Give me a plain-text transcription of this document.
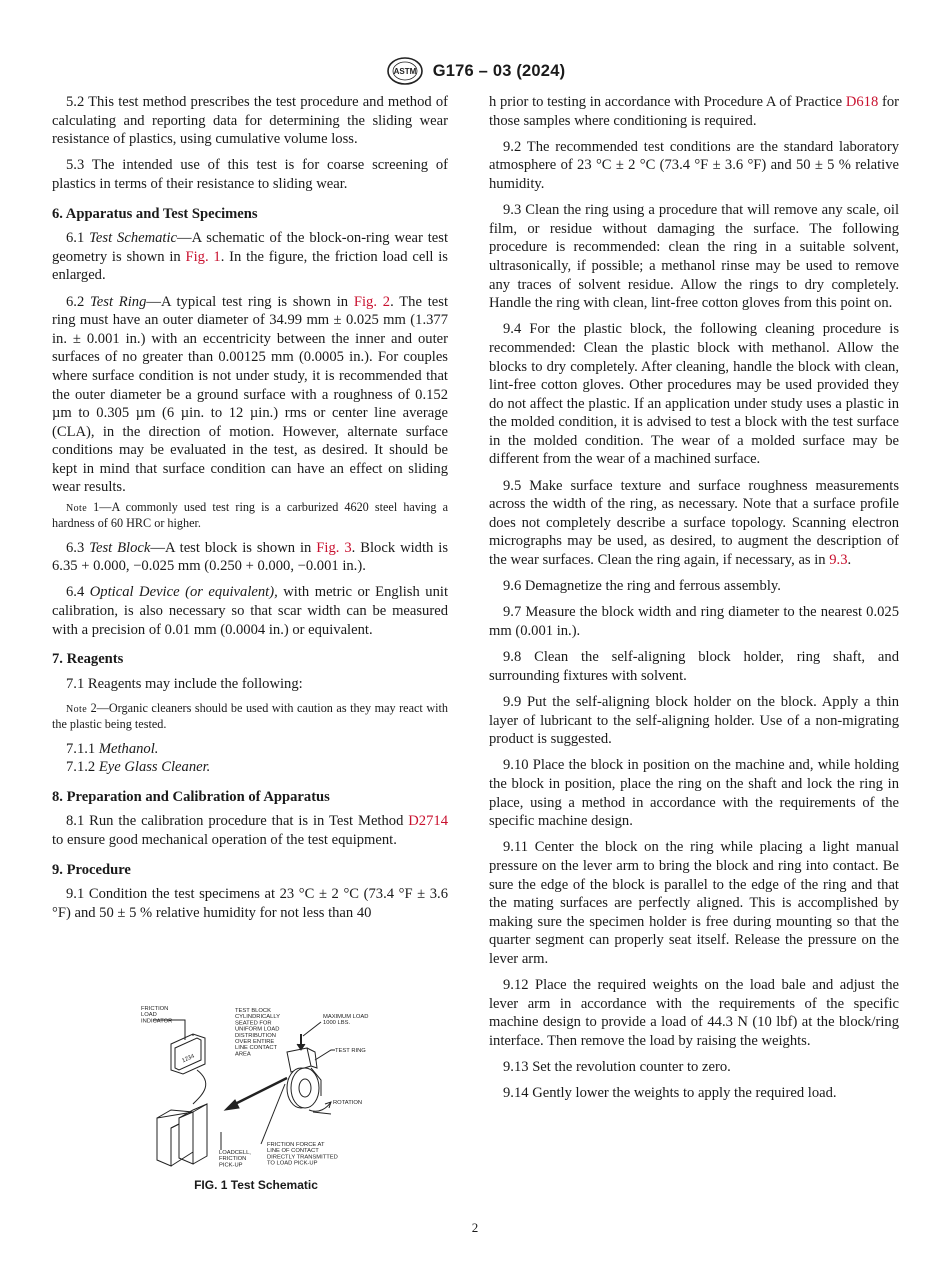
ASTM G176 – 03 (2024)

5.2 This test method prescribes the test procedure and method of calculating and reporting data for determining the sliding wear resistance of plastics, using cumulative volume loss.

5.3 The intended use of this test is for coarse screening of plastics in terms of their resistance to sliding wear.

6. Apparatus and Test Specimens

6.1 Test Schematic—A schematic of the block-on-ring wear test geometry is shown in Fig. 1. In the figure, the friction load cell is enlarged.

6.2 Test Ring—A typical test ring is shown in Fig. 2. The test ring must have an outer diameter of 34.99 mm ± 0.025 mm (1.377 in. ± 0.001 in.) with an eccentricity between the inner and outer surfaces of no greater than 0.00125 mm (0.0005 in.). For couples where surface condition is not under study, it is recommended that the outer diameter be a ground surface with a roughness of 0.152 µm to 0.305 µm (6 µin. to 12 µin.) rms or center line average (CLA), in the direction of motion. However, alternate surface conditions may be evaluated in the test, as desired. It should be kept in mind that surface condition can have an effect on sliding wear results.

Note 1—A commonly used test ring is a carburized 4620 steel having a hardness of 60 HRC or higher.

6.3 Test Block—A test block is shown in Fig. 3. Block width is 6.35 + 0.000, −0.025 mm (0.250 + 0.000, −0.001 in.).

6.4 Optical Device (or equivalent), with metric or English unit calibration, is also necessary so that scar width can be measured with a precision of 0.01 mm (0.0004 in.) or equivalent.

7. Reagents

7.1 Reagents may include the following:

Note 2—Organic cleaners should be used with caution as they may react with the plastic being tested.

7.1.1 Methanol.

7.1.2 Eye Glass Cleaner.

8. Preparation and Calibration of Apparatus

8.1 Run the calibration procedure that is in Test Method D2714 to ensure good mechanical operation of the test equipment.

9. Procedure

9.1 Condition the test specimens at 23 °C ± 2 °C (73.4 °F ± 3.6 °F) and 50 ± 5 % relative humidity for not less than 40

1234
FRICTION
LOAD
INDICATOR
TEST BLOCK
CYLINDRICALLY
SEATED FOR
UNIFORM LOAD
DISTRIBUTION
OVER ENTIRE
LINE CONTACT
AREA
MAXIMUM LOAD
1000 LBS.
TEST RING
ROTATION
FRICTION FORCE AT
LINE OF CONTACT
DIRECTLY TRANSMITTED
TO LOAD PICK-UP
LOADCELL,
FRICTION
PICK-UP
FIG. 1 Test Schematic

h prior to testing in accordance with Procedure A of Practice D618 for those samples where conditioning is required.

9.2 The recommended test conditions are the standard laboratory atmosphere of 23 °C ± 2 °C (73.4 °F ± 3.6 °F) and 50 ± 5 % relative humidity.

9.3 Clean the ring using a procedure that will remove any scale, oil film, or residue without damaging the surface. The following procedure is recommended: clean the ring in a suitable solvent, ultrasonically, if possible; a methanol rinse may be used to remove any traces of solvent residue. Allow the rings to dry completely. Handle the ring with clean, lint-free cotton gloves from this point on.

9.4 For the plastic block, the following cleaning procedure is recommended: Clean the plastic block with methanol. Allow the blocks to dry completely. After cleaning, handle the block with clean, lint-free cotton gloves. Other procedures may be used provided they do not affect the plastic. If an application under study uses a plastic in the molded condition, it is advised to test a block with the test surface in the molded condition. The wear of a molded surface may be different from the wear of a machined surface.

9.5 Make surface texture and surface roughness measurements across the width of the ring, as necessary. Note that a surface profile does not completely describe a surface topology. Scanning electron micrographs may be used, as desired, to augment the description of the wear surfaces. Clean the ring again, if necessary, as in 9.3.

9.6 Demagnetize the ring and ferrous assembly.

9.7 Measure the block width and ring diameter to the nearest 0.025 mm (0.001 in.).

9.8 Clean the self-aligning block holder, ring shaft, and surrounding fixtures with solvent.

9.9 Put the self-aligning block holder on the block. Apply a thin layer of lubricant to the self-aligning holder. Use of a non-migrating product is suggested.

9.10 Place the block in position on the machine and, while holding the block in position, place the ring on the shaft and lock the ring in place, using a method in accordance with the requirements of the specific machine design.

9.11 Center the block on the ring while placing a light manual pressure on the lever arm to bring the block and ring into contact. Be sure the edge of the block is parallel to the edge of the ring and that the mating surfaces are perfectly aligned. This is accomplished by making sure the specimen holder is free during mounting so that the quarter segment can properly seat itself. Release the pressure on the lever arm.

9.12 Place the required weights on the load bale and adjust the lever arm in accordance with the requirements of the specific machine design to provide a load of 44.3 N (10 lbf) at the block/ring interface. Then remove the load by raising the weights.

9.13 Set the revolution counter to zero.

9.14 Gently lower the weights to apply the required load.

2
